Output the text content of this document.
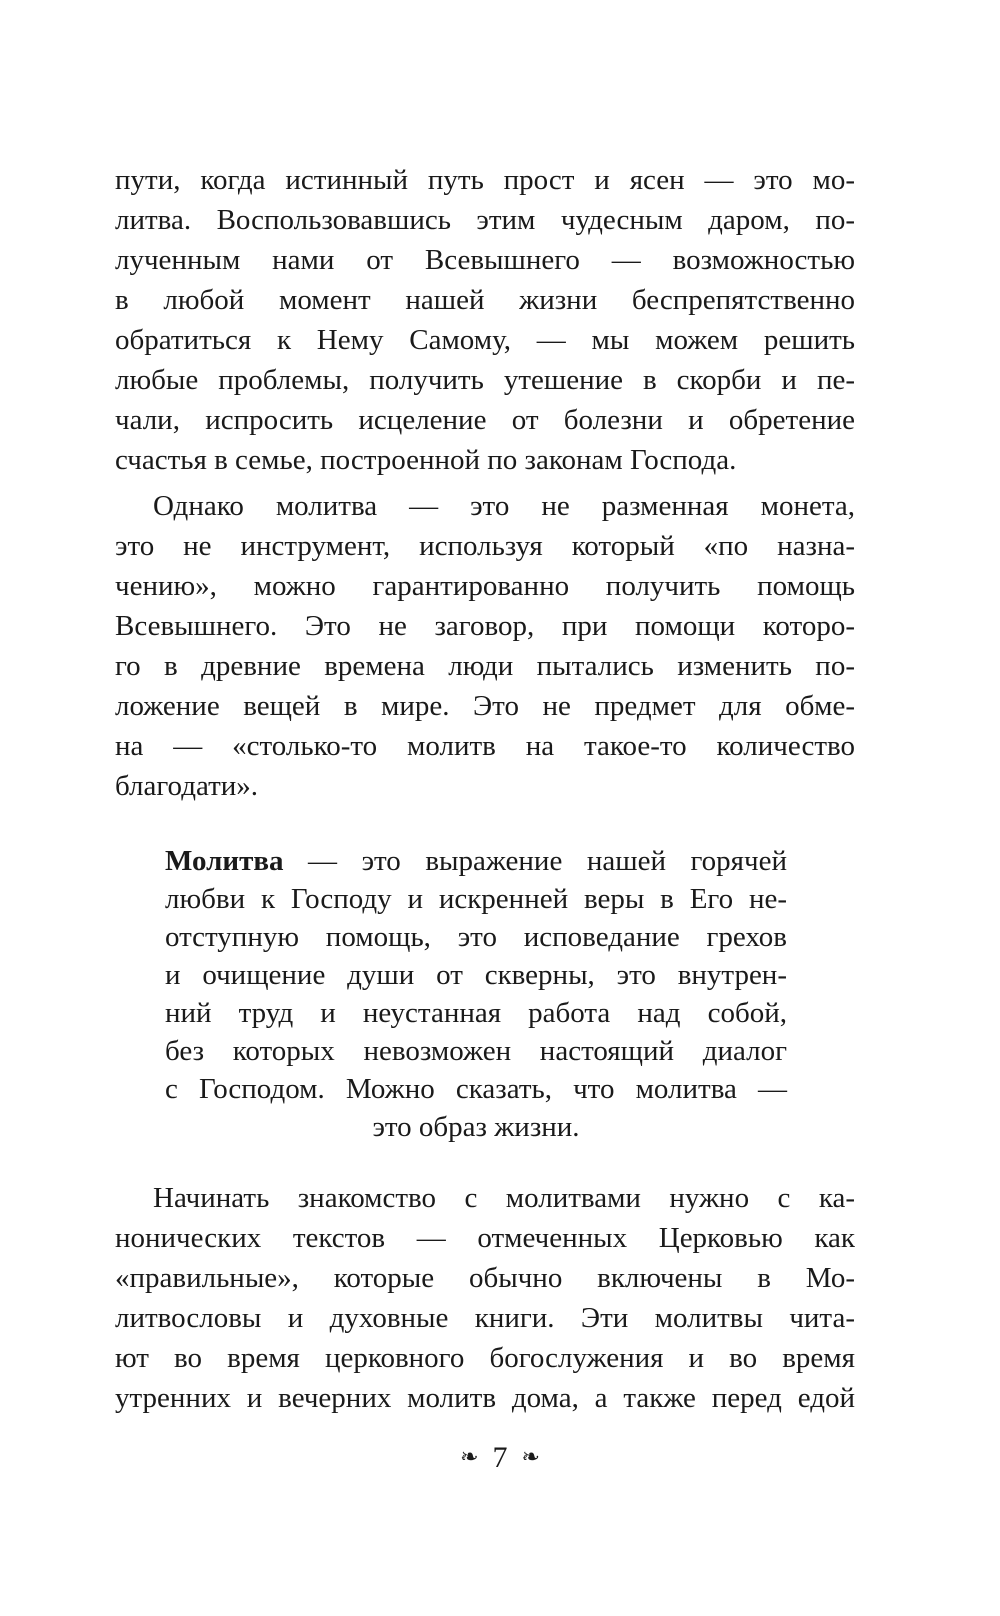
пути, когда истинный путь прост и ясен — это мо-
литва. Воспользовавшись этим чудесным даром, по-
лученным нами от Всевышнего — возможностью
в любой момент нашей жизни беспрепятственно
обратиться к Нему Самому, — мы можем решить
любые проблемы, получить утешение в скорби и пе-
чали, испросить исцеление от болезни и обретение
счастья в семье, построенной по законам Господа.

Однако молитва — это не разменная монета,
это не инструмент, используя который «по назна-
чению», можно гарантированно получить помощь
Всевышнего. Это не заговор, при помощи которо-
го в древние времена люди пытались изменить по-
ложение вещей в мире. Это не предмет для обме-
на — «столько-то молитв на такое-то количество
благодати».

Молитва — это выражение нашей горячей
любви к Господу и искренней веры в Его не-
отступную помощь, это исповедание грехов
и очищение души от скверны, это внутрен-
ний труд и неустанная работа над собой,
без которых невозможен настоящий диалог
с Господом. Можно сказать, что молитва —
это образ жизни.

Начинать знакомство с молитвами нужно с ка-
нонических текстов — отмеченных Церковью как
«правильные», которые обычно включены в Мо-
литвословы и духовные книги. Эти молитвы чита-
ют во время церковного богослужения и во время
утренних и вечерних молитв дома, а также перед едой

❧ 7 ❧
